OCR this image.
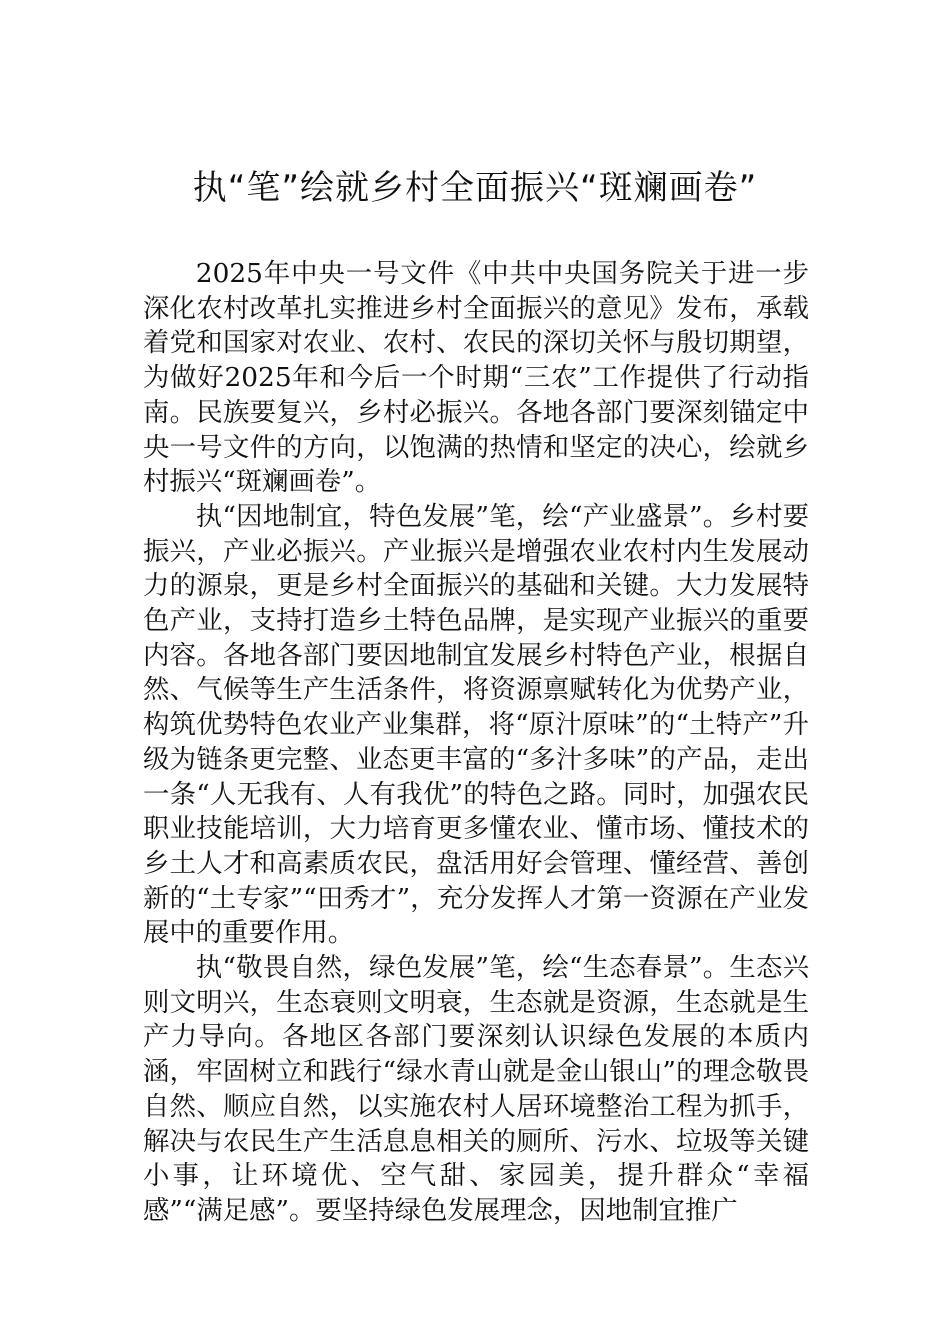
执“笔”绘就乡村全面振兴“斑斓画卷”

2025年中央一号文件《中共中央国务院关于进一步深化农村改革扎实推进乡村全面振兴的意见》发布，承载着党和国家对农业、农村、农民的深切关怀与殷切期望，为做好2025年和今后一个时期“三农”工作提供了行动指南。民族要复兴，乡村必振兴。各地各部门要深刻锚定中央一号文件的方向，以饱满的热情和坚定的决心，绘就乡村振兴“斑斓画卷”。

执“因地制宜，特色发展”笔，绘“产业盛景”。乡村要振兴，产业必振兴。产业振兴是增强农业农村内生发展动力的源泉，更是乡村全面振兴的基础和关键。大力发展特色产业，支持打造乡土特色品牌，是实现产业振兴的重要内容。各地各部门要因地制宜发展乡村特色产业，根据自然、气候等生产生活条件，将资源禀赋转化为优势产业，构筑优势特色农业产业集群，将“原汁原味”的“土特产”升级为链条更完整、业态更丰富的“多汁多味”的产品，走出一条“人无我有、人有我优”的特色之路。同时，加强农民职业技能培训，大力培育更多懂农业、懂市场、懂技术的乡土人才和高素质农民，盘活用好会管理、懂经营、善创新的“土专家”“田秀才”，充分发挥人才第一资源在产业发展中的重要作用。

执“敬畏自然，绿色发展”笔，绘“生态春景”。生态兴则文明兴，生态衰则文明衰，生态就是资源，生态就是生产力导向。各地区各部门要深刻认识绿色发展的本质内涵，牢固树立和践行“绿水青山就是金山银山”的理念敬畏自然、顺应自然，以实施农村人居环境整治工程为抓手，解决与农民生产生活息息相关的厕所、污水、垃圾等关键小事，让环境优、空气甜、家园美，提升群众“幸福感”“满足感”。要坚持绿色发展理念，因地制宜推广
